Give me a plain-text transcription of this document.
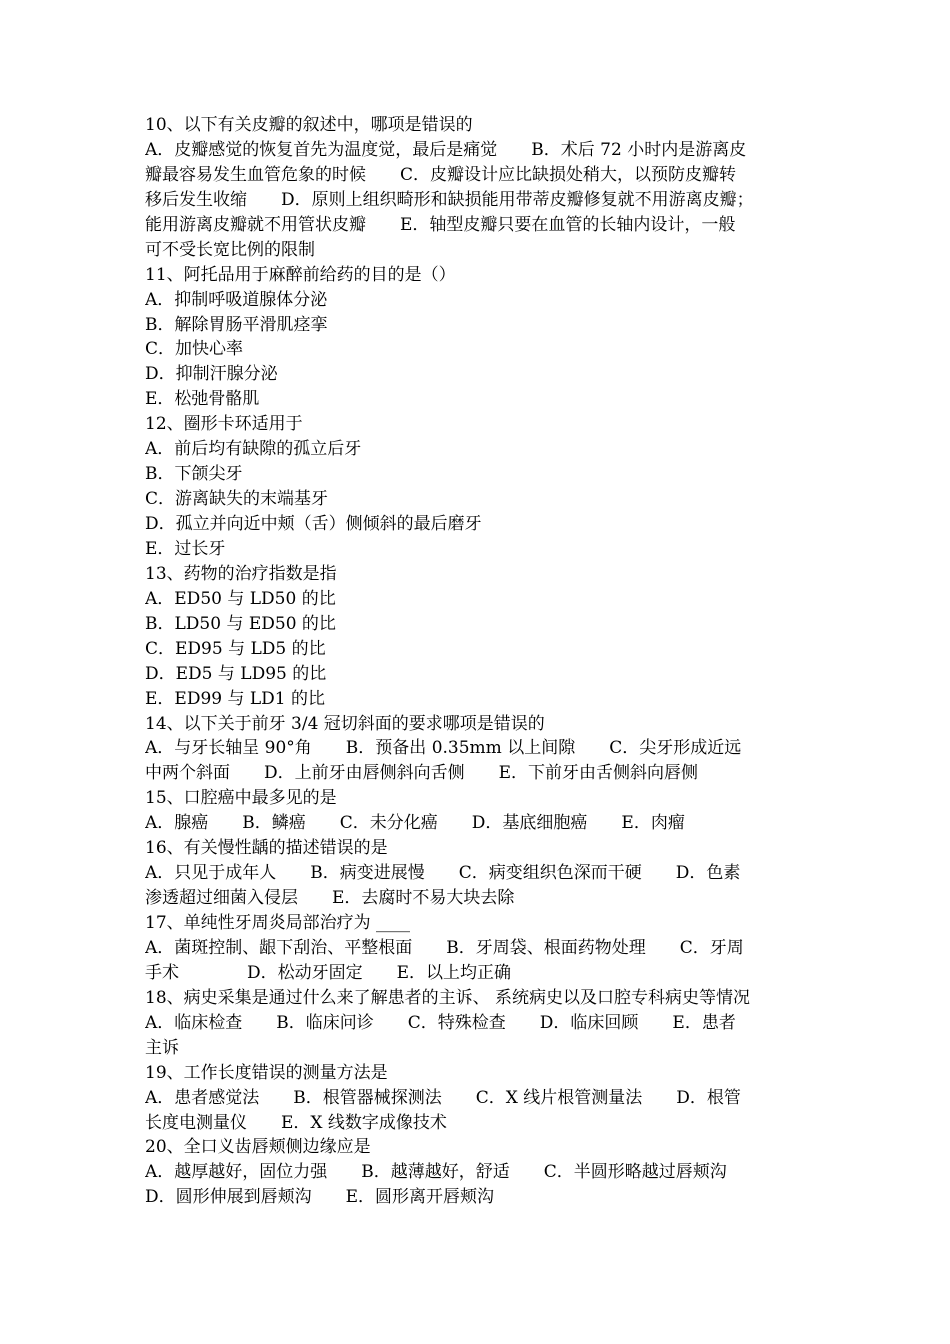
10、以下有关皮瓣的叙述中，哪项是错误的
A．皮瓣感觉的恢复首先为温度觉，最后是痛觉　　B．术后 72 小时内是游离皮
瓣最容易发生血管危象的时候　　C．皮瓣设计应比缺损处稍大，以预防皮瓣转
移后发生收缩　　D．原则上组织畸形和缺损能用带蒂皮瓣修复就不用游离皮瓣；
能用游离皮瓣就不用管状皮瓣　　E．轴型皮瓣只要在血管的长轴内设计，一般
可不受长宽比例的限制
11、阿托品用于麻醉前给药的目的是（）
A．抑制呼吸道腺体分泌
B．解除胃肠平滑肌痉挛
C．加快心率
D．抑制汗腺分泌
E．松弛骨骼肌
12、圈形卡环适用于
A．前后均有缺隙的孤立后牙
B．下颌尖牙
C．游离缺失的末端基牙
D．孤立并向近中颊（舌）侧倾斜的最后磨牙
E．过长牙
13、药物的治疗指数是指
A．ED50 与 LD50 的比
B．LD50 与 ED50 的比
C．ED95 与 LD5 的比
D．ED5 与 LD95 的比
E．ED99 与 LD1 的比
14、以下关于前牙 3/4 冠切斜面的要求哪项是错误的
A．与牙长轴呈 90°角　　B．预备出 0.35mm 以上间隙　　C．尖牙形成近远
中两个斜面　　D．上前牙由唇侧斜向舌侧　　E．下前牙由舌侧斜向唇侧
15、口腔癌中最多见的是
A．腺癌　　B．鳞癌　　C．未分化癌　　D．基底细胞癌　　E．肉瘤
16、有关慢性龋的描述错误的是
A．只见于成年人　　B．病变进展慢　　C．病变组织色深而干硬　　D．色素
渗透超过细菌入侵层　　E．去腐时不易大块去除
17、单纯性牙周炎局部治疗为 ____
A．菌斑控制、龈下刮治、平整根面　　B．牙周袋、根面药物处理　　C．牙周
手术　　　　D．松动牙固定　　E．以上均正确
18、病史采集是通过什么来了解患者的主诉、 系统病史以及口腔专科病史等情况
A．临床检查　　B．临床问诊　　C．特殊检查　　D．临床回顾　　E．患者
主诉
19、工作长度错误的测量方法是
A．患者感觉法　　B．根管器械探测法　　C．X 线片根管测量法　　D．根管
长度电测量仪　　E．X 线数字成像技术
20、全口义齿唇颊侧边缘应是
A．越厚越好，固位力强　　B．越薄越好，舒适　　C．半圆形略越过唇颊沟
D．圆形伸展到唇颊沟　　E．圆形离开唇颊沟
